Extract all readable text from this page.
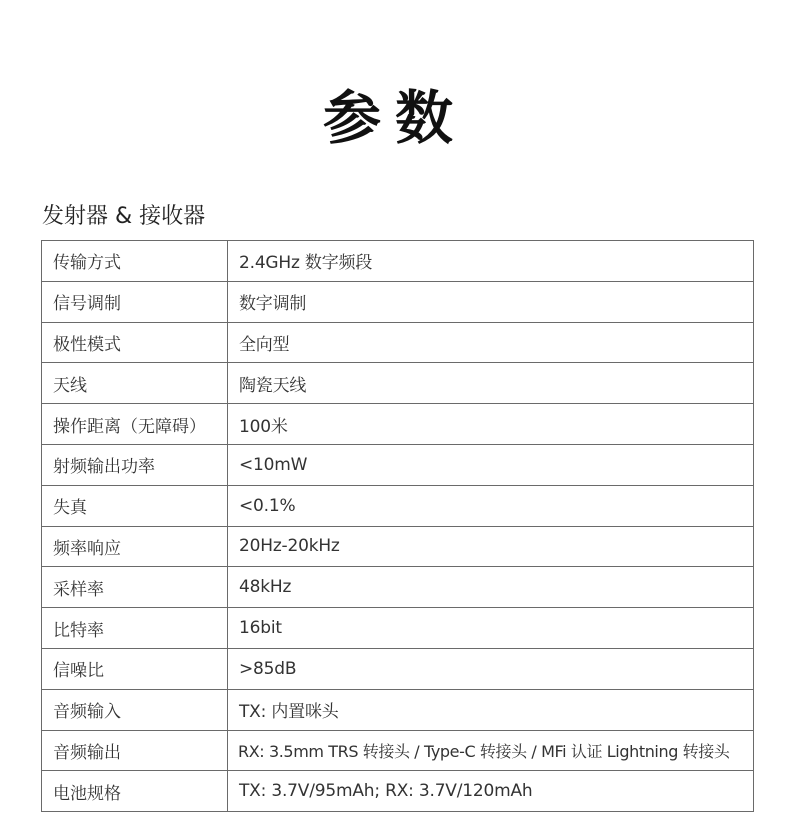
参数
发射器 & 接收器
传输方式	2.4GHz 数字频段
信号调制	数字调制
极性模式	全向型
天线	陶瓷天线
操作距离（无障碍）	100米
射频输出功率	<10mW
失真	<0.1%
频率响应	20Hz-20kHz
采样率	48kHz
比特率	16bit
信噪比	>85dB
音频输入	TX: 内置咪头
音频输出	RX: 3.5mm TRS 转接头 / Type-C 转接头 / MFi 认证 Lightning 转接头
电池规格	TX: 3.7V/95mAh; RX: 3.7V/120mAh
